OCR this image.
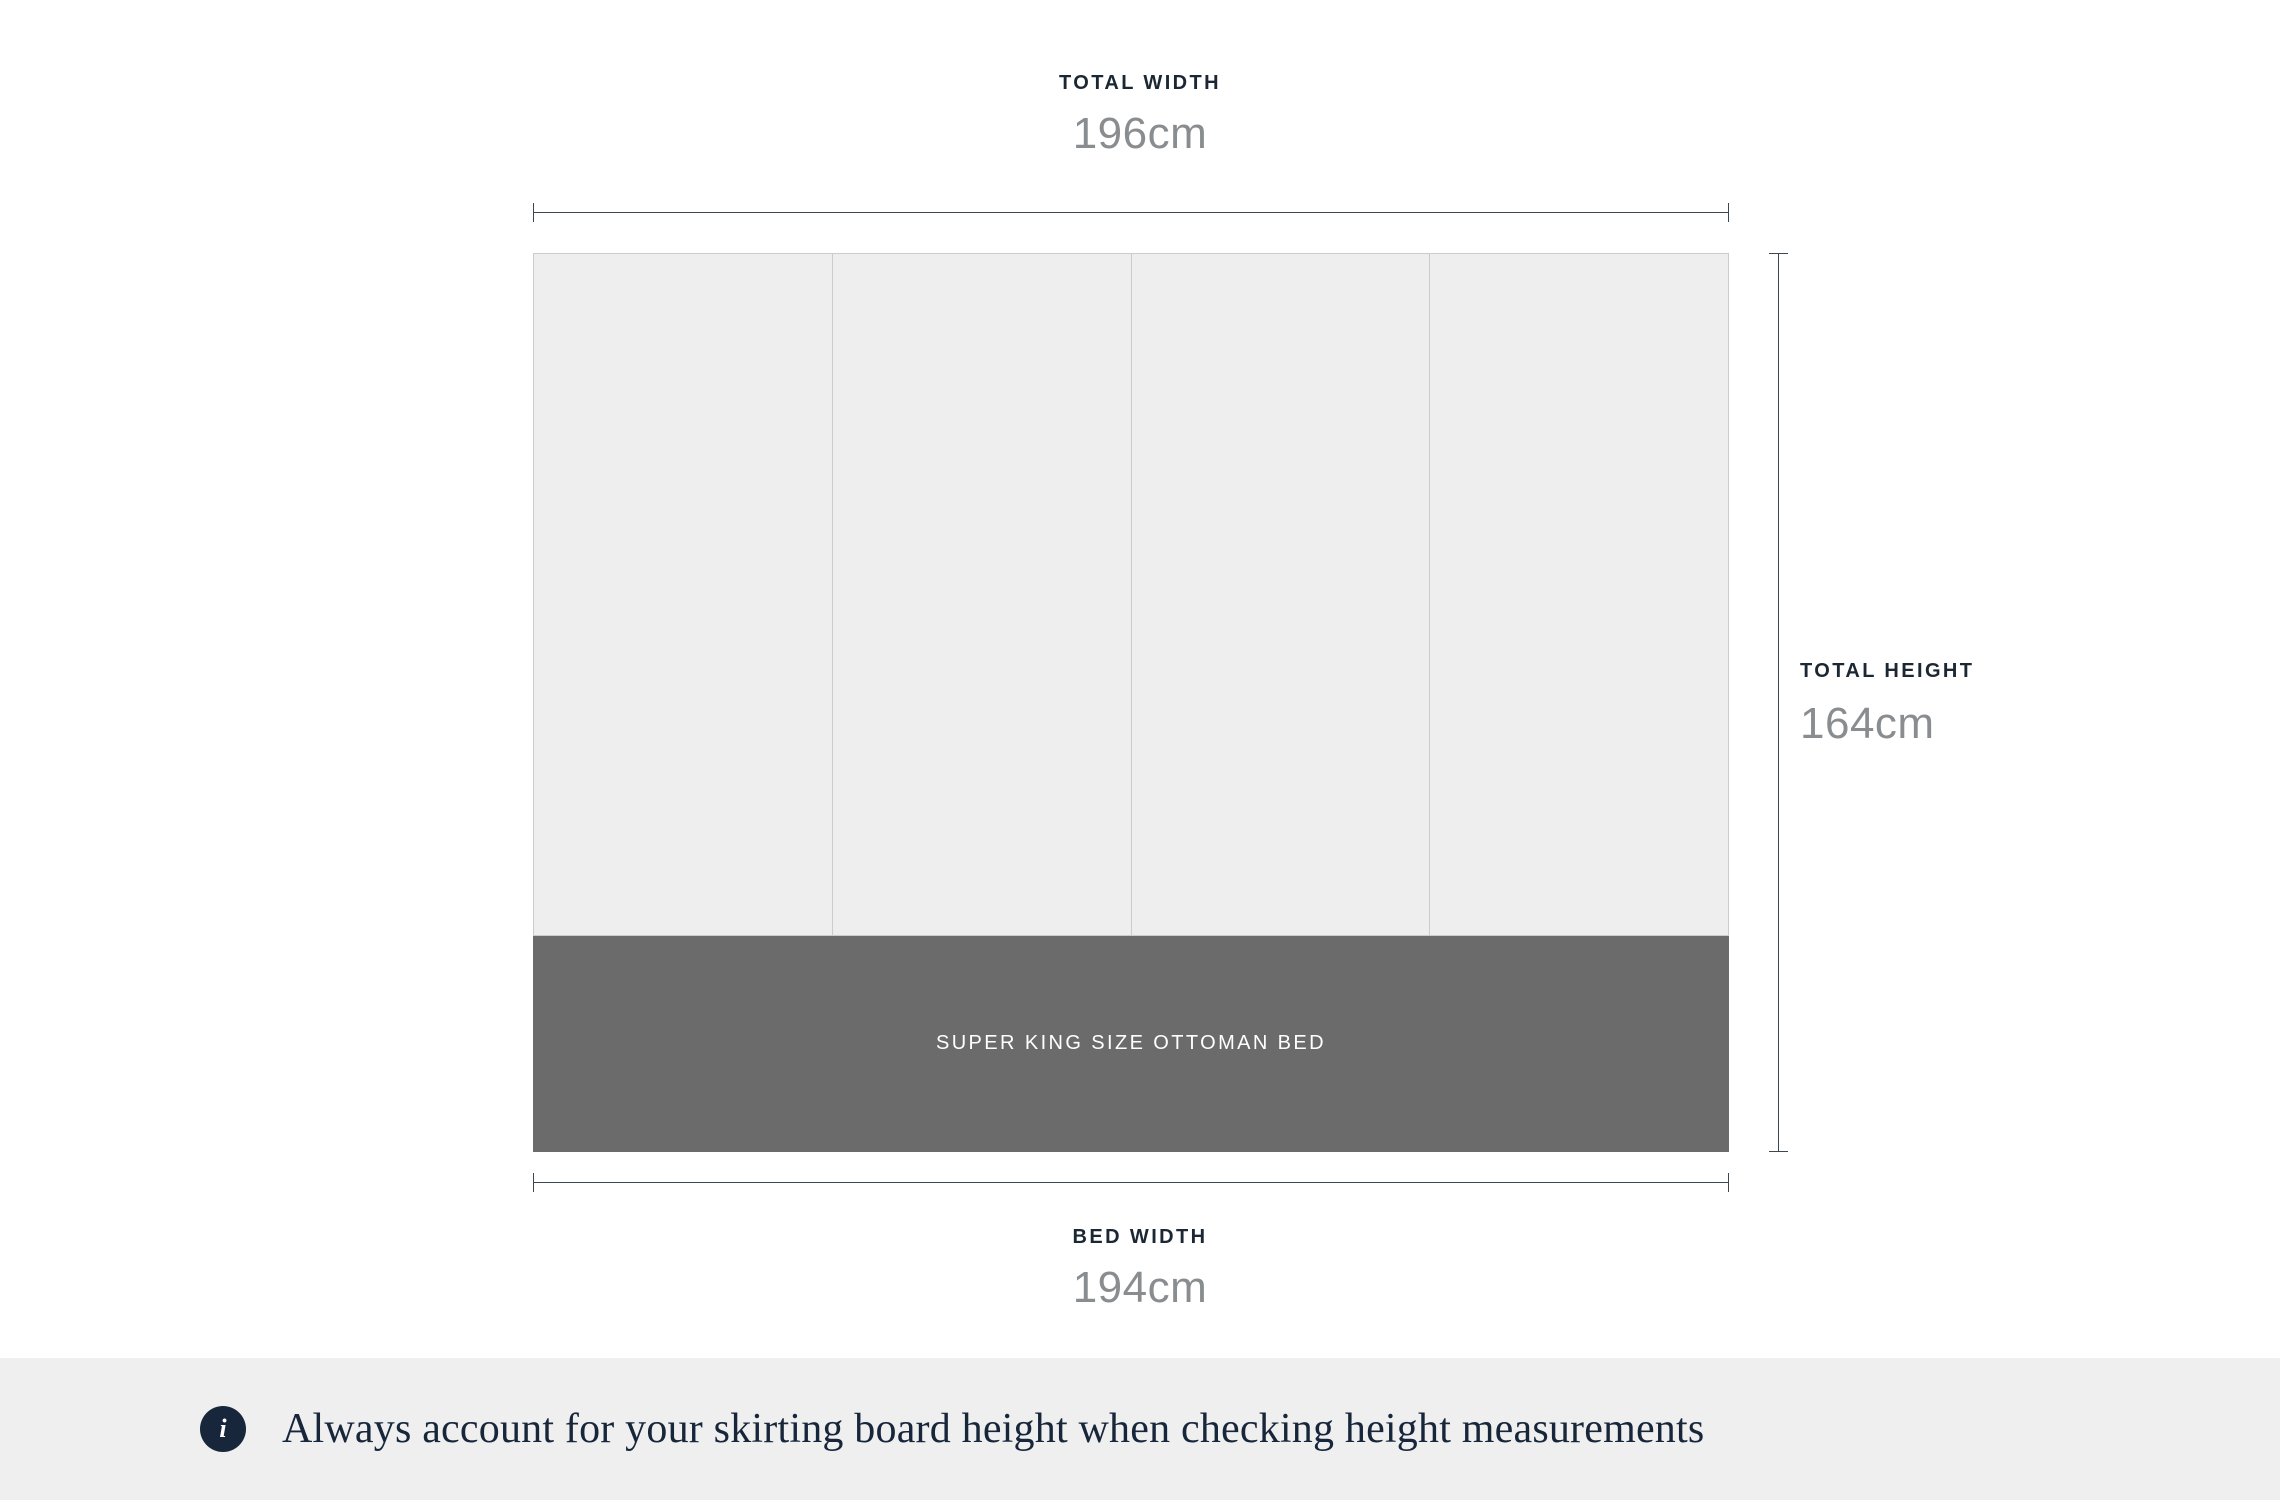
TOTAL WIDTH
196cm
SUPER KING SIZE OTTOMAN BED
TOTAL HEIGHT
164cm
BED WIDTH
194cm
i	Always account for your skirting board height when checking height measurements
